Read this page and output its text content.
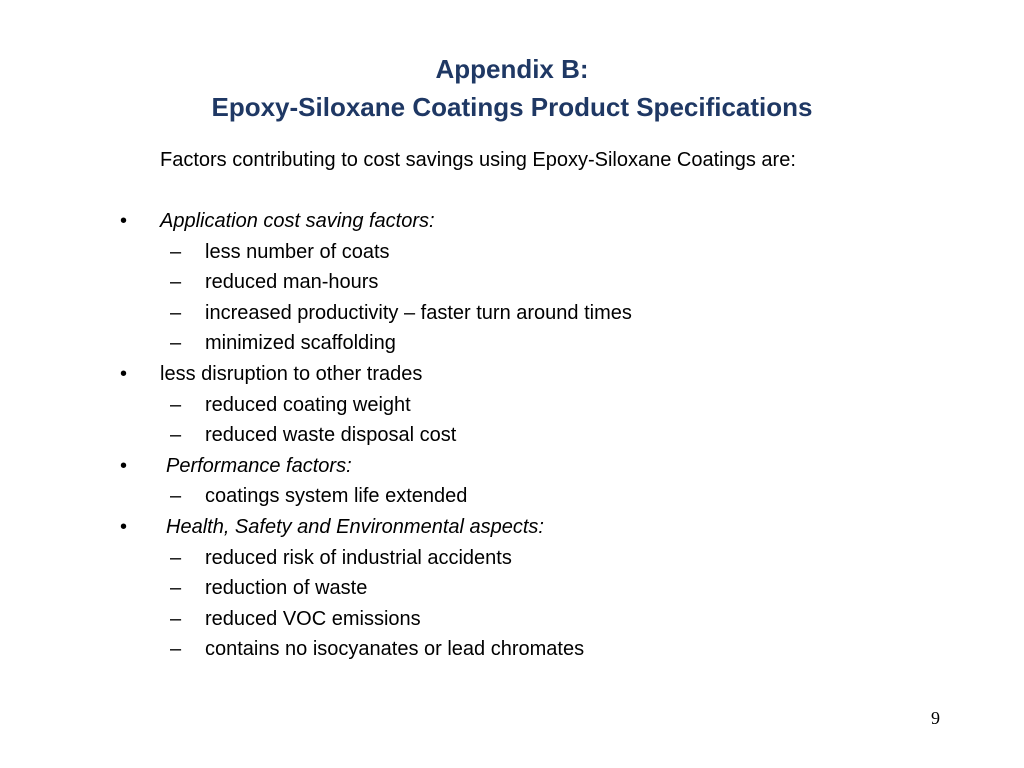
Appendix B:
Epoxy-Siloxane Coatings Product Specifications
Factors contributing to cost savings using Epoxy-Siloxane Coatings are:
• Application cost saving factors:
– less number of coats
– reduced man-hours
– increased productivity – faster turn around times
– minimized scaffolding
• less disruption to other trades
– reduced coating weight
– reduced waste disposal cost
• Performance factors:
– coatings system life extended
• Health, Safety and Environmental aspects:
– reduced risk of industrial accidents
– reduction of waste
– reduced VOC emissions
– contains no isocyanates or lead chromates
9
